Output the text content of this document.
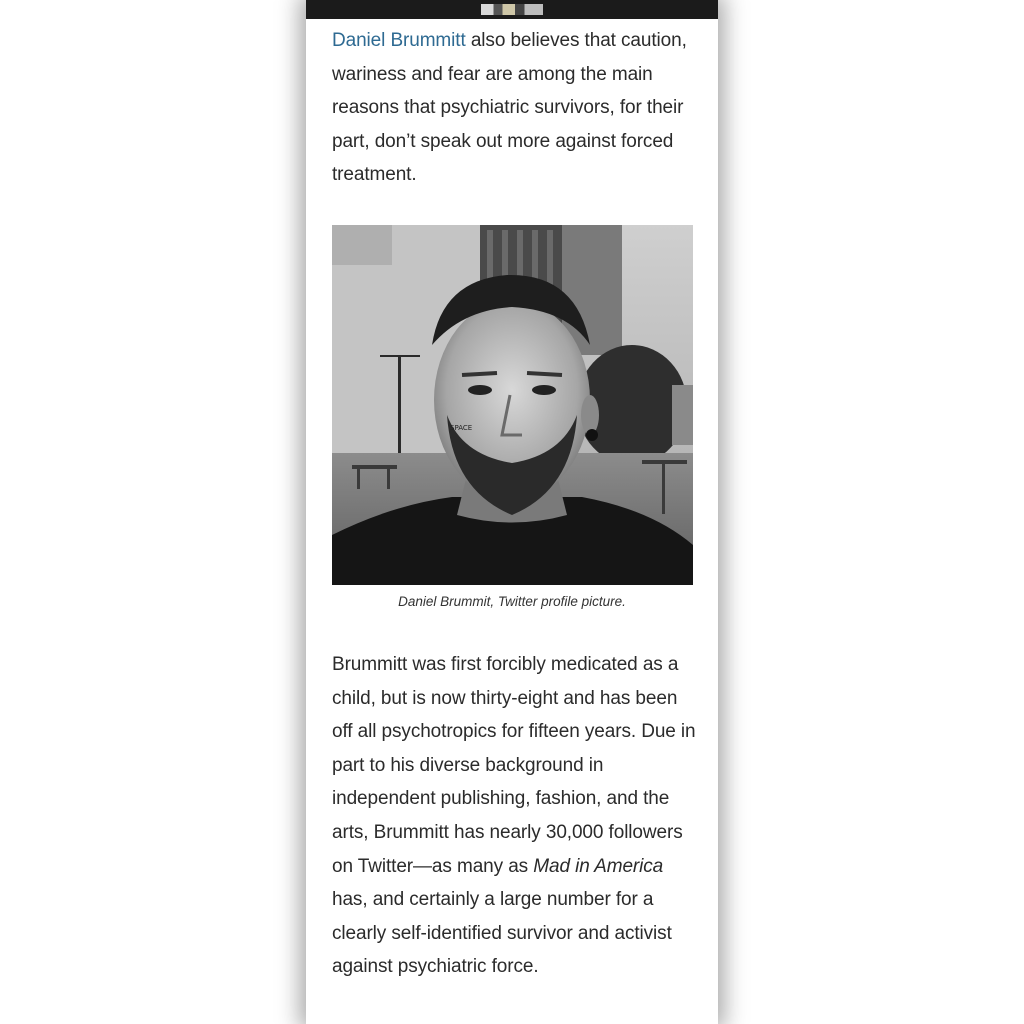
Daniel Brummitt also believes that caution, wariness and fear are among the main reasons that psychiatric survivors, for their part, don’t speak out more against forced treatment.

SPACE
Daniel Brummit, Twitter profile picture.

Brummitt was first forcibly medicated as a child, but is now thirty-eight and has been off all psychotropics for fifteen years. Due in part to his diverse background in independent publishing, fashion, and the arts, Brummitt has nearly 30,000 followers on Twitter—as many as Mad in America has, and certainly a large number for a clearly self-identified survivor and activist against psychiatric force.
